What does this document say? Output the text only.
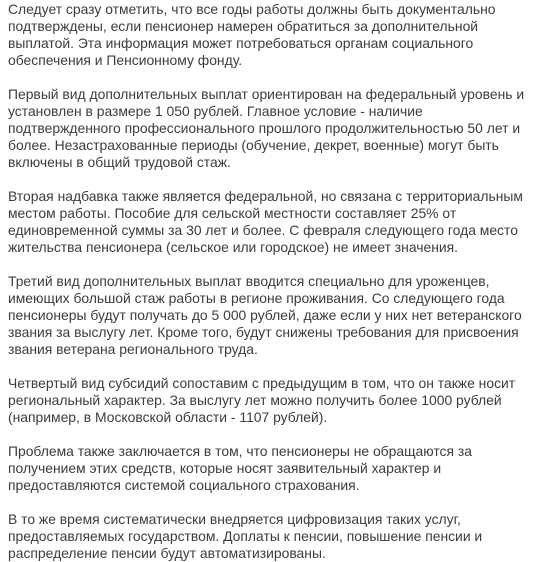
Следует сразу отметить, что все годы работы должны быть документально подтверждены, если пенсионер намерен обратиться за дополнительной выплатой. Эта информация может потребоваться органам социального обеспечения и Пенсионному фонду.

Первый вид дополнительных выплат ориентирован на федеральный уровень и установлен в размере 1 050 рублей. Главное условие - наличие подтвержденного профессионального прошлого продолжительностью 50 лет и более. Незастрахованные периоды (обучение, декрет, военные) могут быть включены в общий трудовой стаж.

Вторая надбавка также является федеральной, но связана с территориальным местом работы. Пособие для сельской местности составляет 25% от единовременной суммы за 30 лет и более. С февраля следующего года место жительства пенсионера (сельское или городское) не имеет значения.

Третий вид дополнительных выплат вводится специально для уроженцев, имеющих большой стаж работы в регионе проживания. Со следующего года пенсионеры будут получать до 5 000 рублей, даже если у них нет ветеранского звания за выслугу лет. Кроме того, будут снижены требования для присвоения звания ветерана регионального труда.

Четвертый вид субсидий сопоставим с предыдущим в том, что он также носит региональный характер. За выслугу лет можно получить более 1000 рублей (например, в Московской области - 1107 рублей).

Проблема также заключается в том, что пенсионеры не обращаются за получением этих средств, которые носят заявительный характер и предоставляются системой социального страхования.

В то же время систематически внедряется цифровизация таких услуг, предоставляемых государством. Доплаты к пенсии, повышение пенсии и распределение пенсии будут автоматизированы.
